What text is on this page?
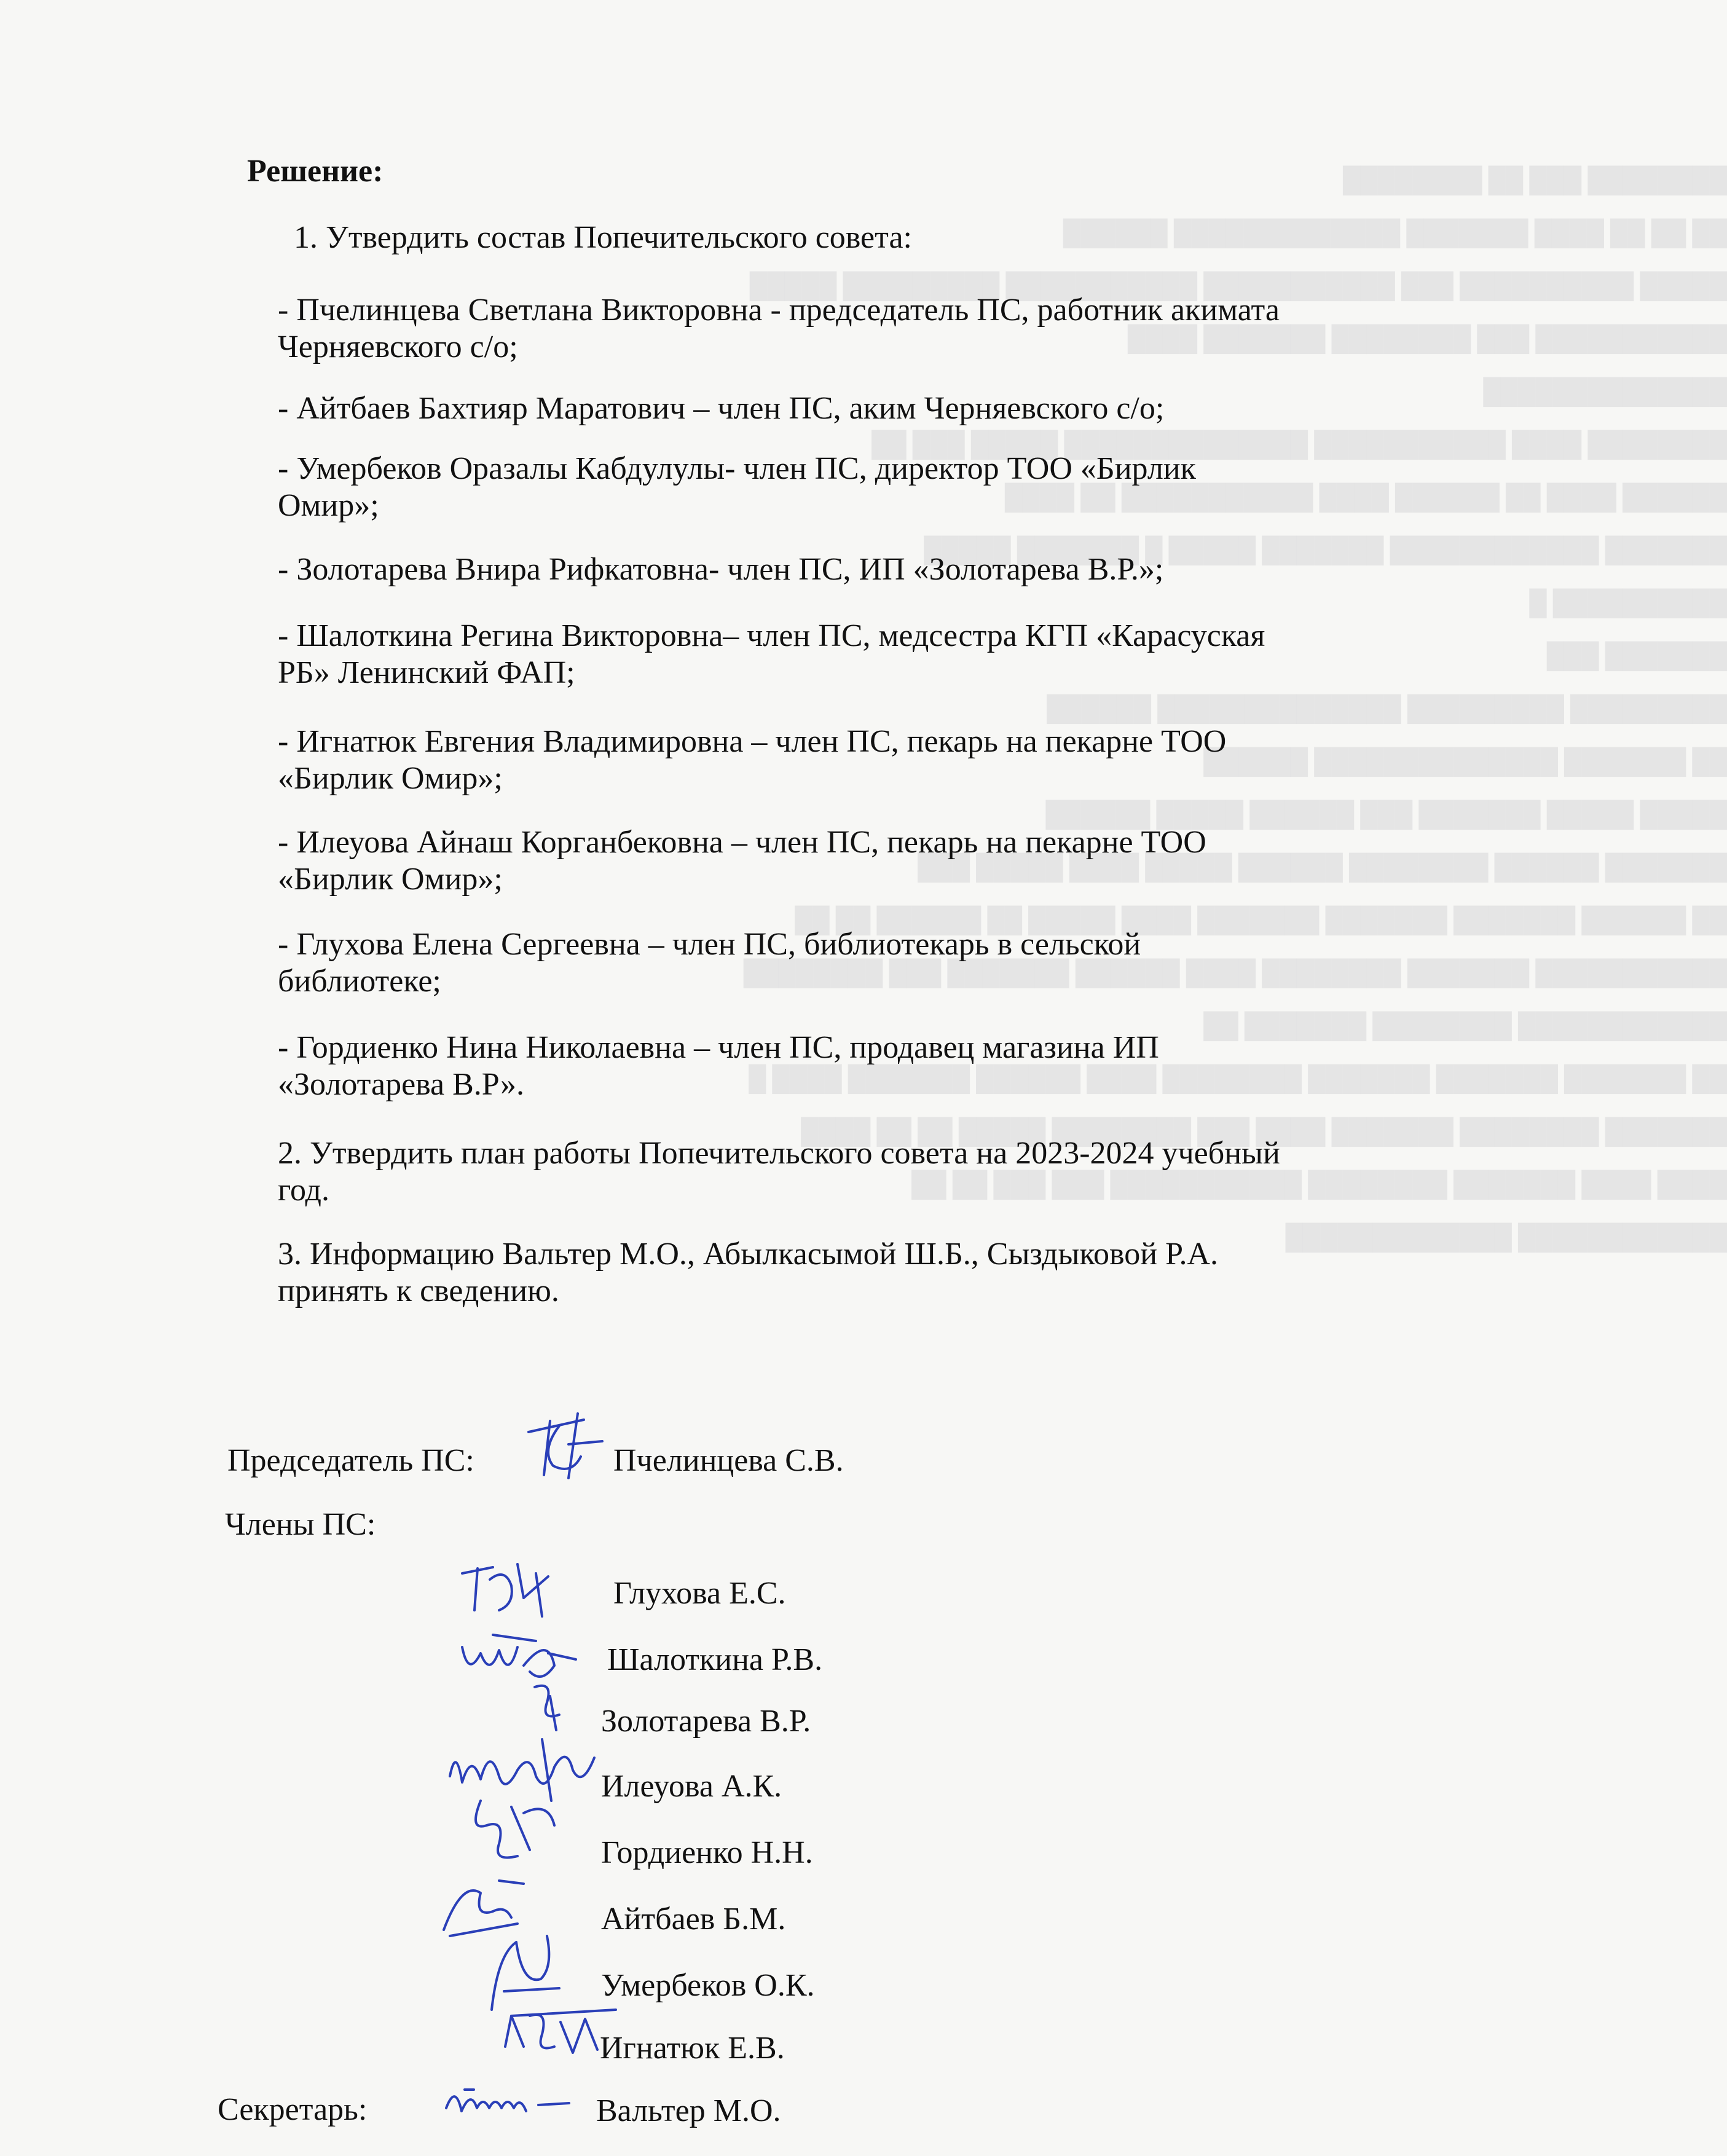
████████ ███ ██ ████████
██ ██ ██ ████ ███████ █████████████ ██████
█████ ██████████ ███ ███████████ ███████████ █████████ █████
███████████ ███ ████████ ███████ ████
██████████████
████████ ████ ███████████ ██████████████ █████ ███ ██
██████ ████ ██ ██████ ████ ███████████ ██ ████
███████ ████████████ ███████ █████ █ ███████ █████
██████████ █
███████ ███
█████████ █████████ ██████████████ ██████
██ ███████ ██████████████ ██████
█████ █████ ███████ ███ ██████ █████ ██████
███████ ██████ ████████ ██████ █████ ████ █████ ███
██ ██████ ███████ ███████ ███████ ████ █████ ██ ██████ ██ ██
███████████ ███████ ████████ ████ ██████ ███████ ███ ████████
████████████ ████████ ███████ ██
██ ███████ ███████ ███████ ████████ ████ ██████ ███████ ████ █
███████ ████████ ███████ ████ ███ ████████ █████ ██ ██ ████
████ ████ ███████ ████████ ███████████ ███ ███ ██ ██
████████████ █████████████
Решение:
1. Утвердить состав Попечительского совета:
- Пчелинцева Светлана Викторовна - председатель ПС, работник акимата
Черняевского с/о;
- Айтбаев Бахтияр Маратович – член ПС, аким Черняевского с/о;
- Умербеков Оразалы Кабдулулы- член ПС, директор ТОО «Бирлик
Омир»;
- Золотарева Внира Рифкатовна- член ПС, ИП «Золотарева В.Р.»;
- Шалоткина Регина Викторовна– член ПС, медсестра КГП «Карасуская
РБ» Ленинский ФАП;
- Игнатюк Евгения Владимировна – член ПС, пекарь на пекарне ТОО
«Бирлик Омир»;
- Илеуова Айнаш Корганбековна – член ПС, пекарь на пекарне ТОО
«Бирлик Омир»;
- Глухова Елена Сергеевна – член ПС, библиотекарь в сельской
библиотеке;
- Гордиенко Нина Николаевна – член ПС, продавец магазина ИП
«Золотарева В.Р».
2. Утвердить план работы Попечительского совета на 2023-2024 учебный
год.
3. Информацию Вальтер М.О., Абылкасымой Ш.Б., Сыздыковой Р.А.
принять к сведению.
Председатель ПС:	Пчелинцева С.В.
Члены ПС:
Глухова Е.С.
Шалоткина Р.В.
Золотарева В.Р.
Илеуова А.К.
Гордиенко Н.Н.
Айтбаев Б.М.
Умербеков О.К.
Игнатюк Е.В.
Секретарь:	Вальтер М.О.
